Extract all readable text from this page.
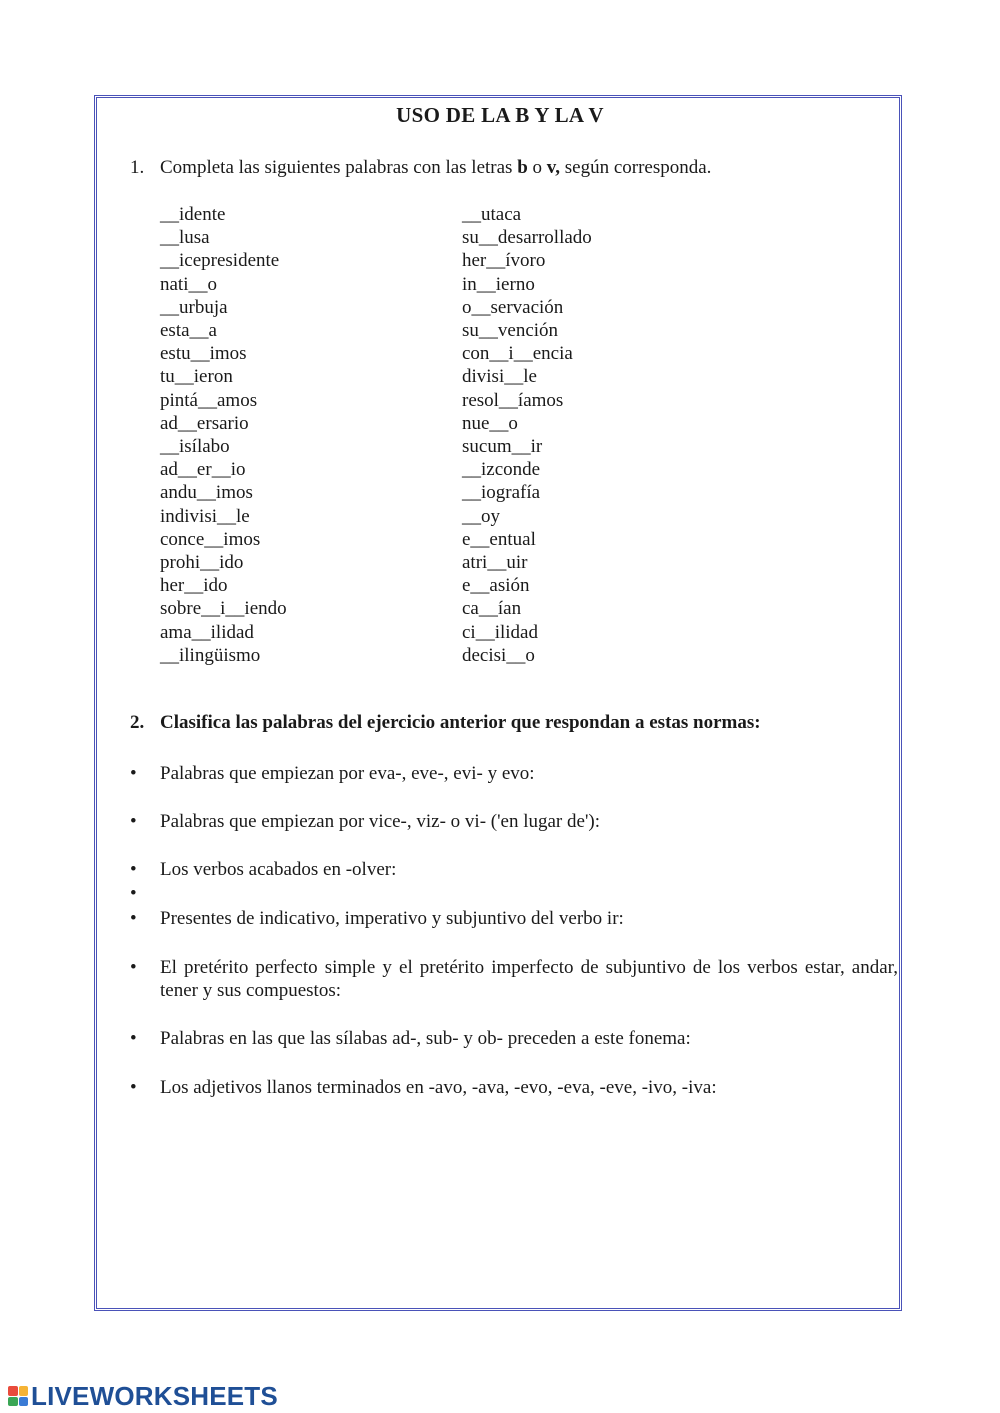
USO DE LA B Y LA V
1. Completa las siguientes palabras con las letras b o v, según corresponda.
__idente
__lusa
__icepresidente
nati__o
__urbuja
esta__a
estu__imos
tu__ieron
pintá__amos
ad__ersario
__isílabo
ad__er__io
andu__imos
indivisi__le
conce__imos
prohi__ido
her__ido
sobre__i__iendo
ama__ilidad
__ilingüismo
__utaca
su__desarrollado
her__ívoro
in__ierno
o__servación
su__vención
con__i__encia
divisi__le
resol__íamos
nue__o
sucum__ir
__izconde
__iografía
__oy
e__entual
atri__uir
e__asión
ca__ían
ci__ilidad
decisi__o
2. Clasifica las palabras del ejercicio anterior que respondan a estas normas:
• Palabras que empiezan por eva-, eve-, evi- y evo:
• Palabras que empiezan por vice-, viz- o vi- ('en lugar de'):
• Los verbos acabados en -olver:
•
• Presentes de indicativo, imperativo y subjuntivo del verbo ir:
• El pretérito perfecto simple y el pretérito imperfecto de subjuntivo de los verbos estar, andar, tener y sus compuestos:
• Palabras en las que las sílabas ad-, sub- y ob- preceden a este fonema:
• Los adjetivos llanos terminados en -avo, -ava, -evo, -eva, -eve, -ivo, -iva:
LIVEWORKSHEETS
